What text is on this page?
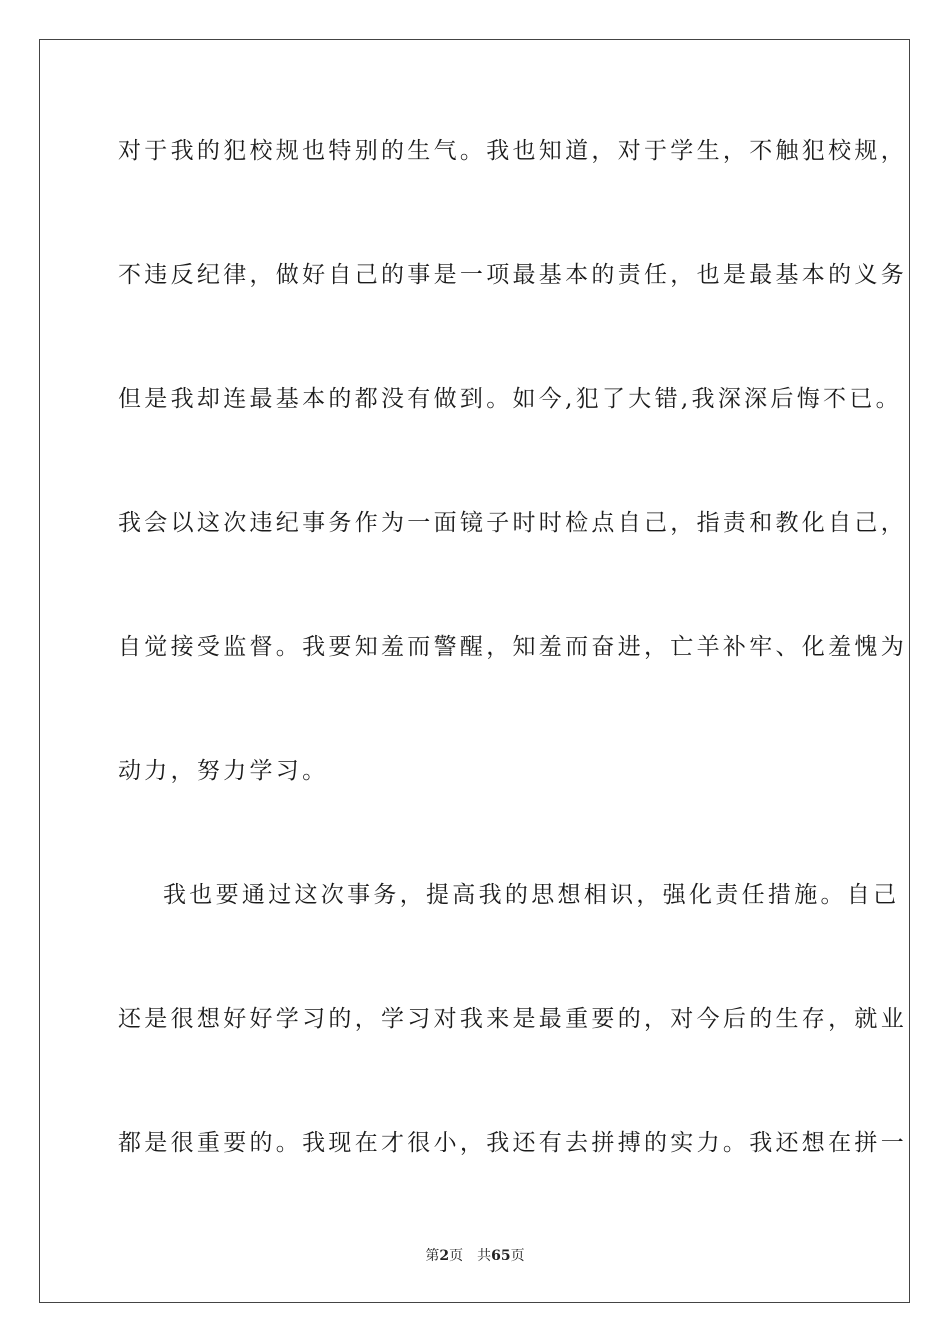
对于我的犯校规也特别的生气。我也知道，对于学生，不触犯校规，
不违反纪律，做好自己的事是一项最基本的责任，也是最基本的义务
但是我却连最基本的都没有做到。如今,犯了大错,我深深后悔不已。
我会以这次违纪事务作为一面镜子时时检点自己，指责和教化自己，
自觉接受监督。我要知羞而警醒，知羞而奋进，亡羊补牢、化羞愧为
动力，努力学习。
我也要通过这次事务，提高我的思想相识，强化责任措施。自己
还是很想好好学习的，学习对我来是最重要的，对今后的生存，就业
都是很重要的。我现在才很小，我还有去拼搏的实力。我还想在拼一
第2页 共65页
